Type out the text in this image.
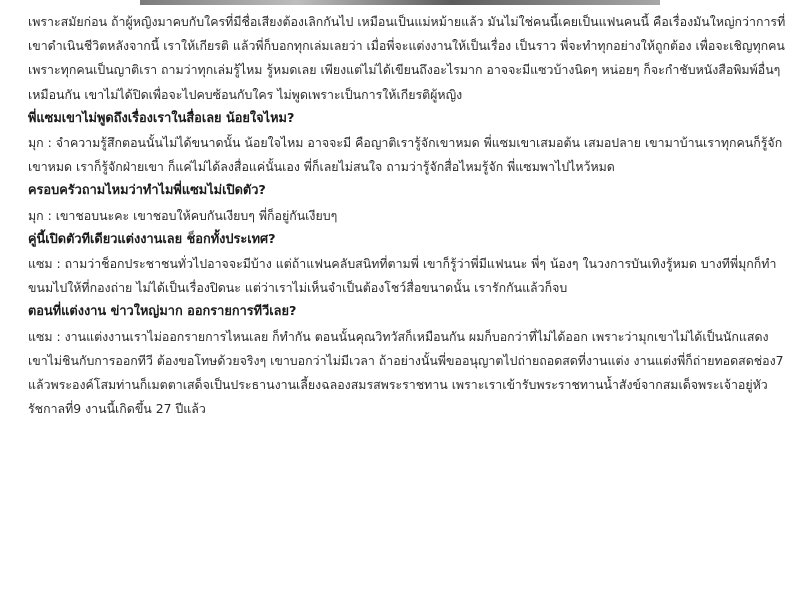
เพราะสมัยก่อน ถ้าผู้หญิงมาคบกับใครที่มีชื่อเสียงต้องเลิกกันไป เหมือนเป็นแม่หม้ายแล้ว มันไม่ใช่คนนี้เคยเป็นแฟนคนนี้ คือเรื่องมันใหญ่กว่าการที่เขาดำเนินชีวิตหลังจากนี้ เราให้เกียรติ แล้วพี่ก็บอกทุกเล่มเลยว่า เมื่อพี่จะแต่งงานให้เป็นเรื่อง เป็นราว พี่จะทำทุกอย่างให้ถูกต้อง เพื่อจะเชิญทุกคน เพราะทุกคนเป็นญาติเรา ถามว่าทุกเล่มรู้ไหม รู้หมดเลย เพียงแต่ไม่ได้เขียนถึงอะไรมาก อาจจะมีแซวบ้างนิดๆ หน่อยๆ ก็จะกำชับหนังสือพิมพ์อื่นๆ เหมือนกัน เขาไม่ได้ปิดเพื่อจะไปคบซ้อนกับใคร ไม่พูดเพราะเป็นการให้เกียรติผู้หญิง

พี่แซมเขาไม่พูดถึงเรื่องเราในสื่อเลย น้อยใจไหม?

มุก : จำความรู้สึกตอนนั้นไม่ได้ขนาดนั้น น้อยใจไหม อาจจะมี คือญาติเรารู้จักเขาหมด พี่แซมเขาเสมอต้น เสมอปลาย เขามาบ้านเราทุกคนก็รู้จักเขาหมด เราก็รู้จักฝ่ายเขา ก็แค่ไม่ได้ลงสื่อแค่นั้นเอง พี่ก็เลยไม่สนใจ ถามว่ารู้จักสื่อไหมรู้จัก พี่แซมพาไปไหว้หมด

ครอบครัวถามไหมว่าทำไมพี่แซมไม่เปิดตัว?

มุก : เขาชอบนะคะ เขาชอบให้คบกันเงียบๆ พี่ก็อยู่กันเงียบๆ

คู่นี้เปิดตัวทีเดียวแต่งงานเลย ช็อกทั้งประเทศ?

แซม : ถามว่าช็อกประชาชนทั่วไปอาจจะมีบ้าง แต่ถ้าแฟนคลับสนิทที่ตามพี่ เขาก็รู้ว่าพี่มีแฟนนะ พี่ๆ น้องๆ ในวงการบันเทิงรู้หมด บางทีพี่มุกก็ทำขนมไปให้ที่กองถ่าย ไม่ได้เป็นเรื่องปิดนะ แต่ว่าเราไม่เห็นจำเป็นต้องโชว์สื่อขนาดนั้น เรารักกันแล้วก็จบ

ตอนที่แต่งงาน ข่าวใหญ่มาก ออกรายการทีวีเลย?

แซม : งานแต่งงานเราไม่ออกรายการไหนเลย ก็ทำกัน ตอนนั้นคุณวิทวัสก็เหมือนกัน ผมก็บอกว่าที่ไม่ได้ออก เพราะว่ามุกเขาไม่ได้เป็นนักแสดง เขาไม่ชินกับการออกทีวี ต้องขอโทษด้วยจริงๆ เขาบอกว่าไม่มีเวลา ถ้าอย่างนั้นพี่ขออนุญาตไปถ่ายถอดสดที่งานแต่ง งานแต่งพี่ก็ถ่ายทอดสดช่อง7 แล้วพระองค์โสมท่านก็เมตตาเสด็จเป็นประธานงานเลี้ยงฉลองสมรสพระราชทาน เพราะเราเข้ารับพระราชทานน้ำสังข์จากสมเด็จพระเจ้าอยู่หัว รัชกาลที่9 งานนี้เกิดขึ้น 27 ปีแล้ว
